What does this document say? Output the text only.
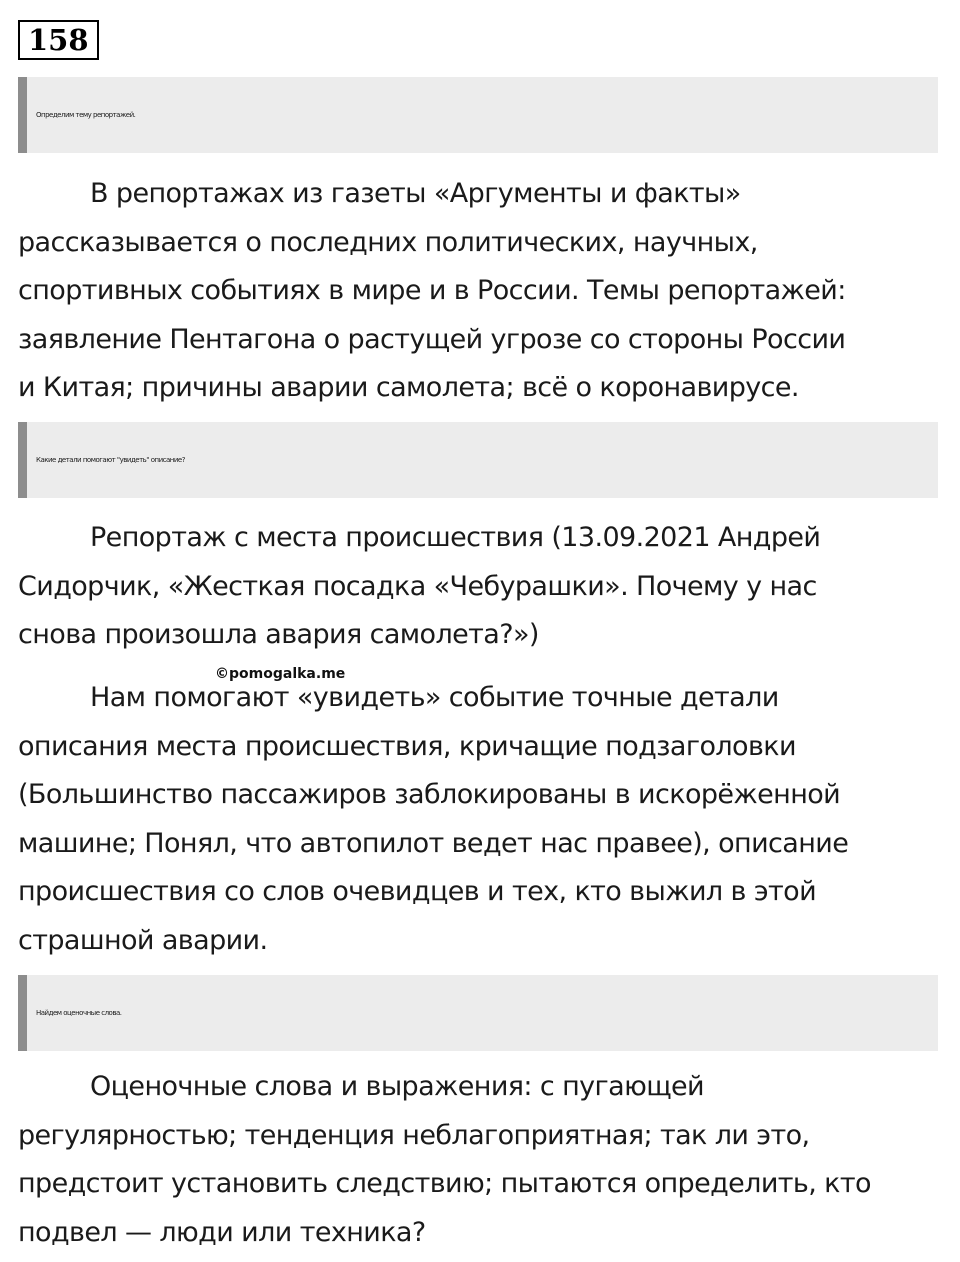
158
Определим тему репортажей.
В репортажах из газеты «Аргументы и факты»
рассказывается о последних политических, научных,
спортивных событиях в мире и в России. Темы репортажей:
заявление Пентагона о растущей угрозе со стороны России
и Китая; причины аварии самолета; всё о коронавирусе.
Какие детали помогают "увидеть" описание?
Репортаж с места происшествия (13.09.2021 Андрей
Сидорчик, «Жесткая посадка «Чебурашки». Почему у нас
снова произошла авария самолета?»)
©pomogalka.me
Нам помогают «увидеть» событие точные детали
описания места происшествия, кричащие подзаголовки
(Большинство пассажиров заблокированы в искорёженной
машине; Понял, что автопилот ведет нас правее), описание
происшествия со слов очевидцев и тех, кто выжил в этой
страшной аварии.
Найдем оценочные слова.
Оценочные слова и выражения: с пугающей
регулярностью; тенденция неблагоприятная; так ли это,
предстоит установить следствию; пытаются определить, кто
подвел — люди или техника?
